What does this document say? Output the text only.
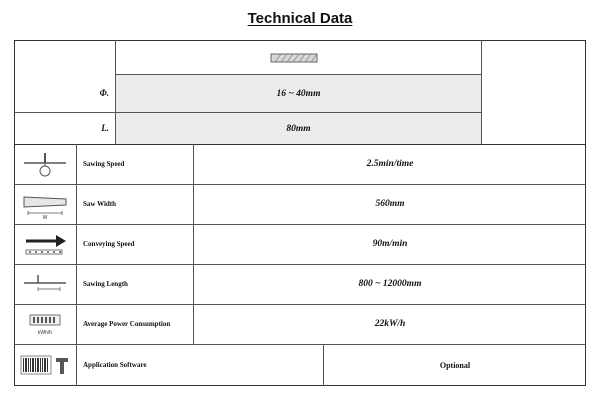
Technical Data
Φ.	16 ~ 40mm
L.	80mm
Sawing Speed	2.5min/time
W
Saw Width	560mm
Conveying Speed	90m/min
Sawing Length	800 ~ 12000mm
kWh/h
Average Power Consumption	22kW/h
Application Software	Optional
